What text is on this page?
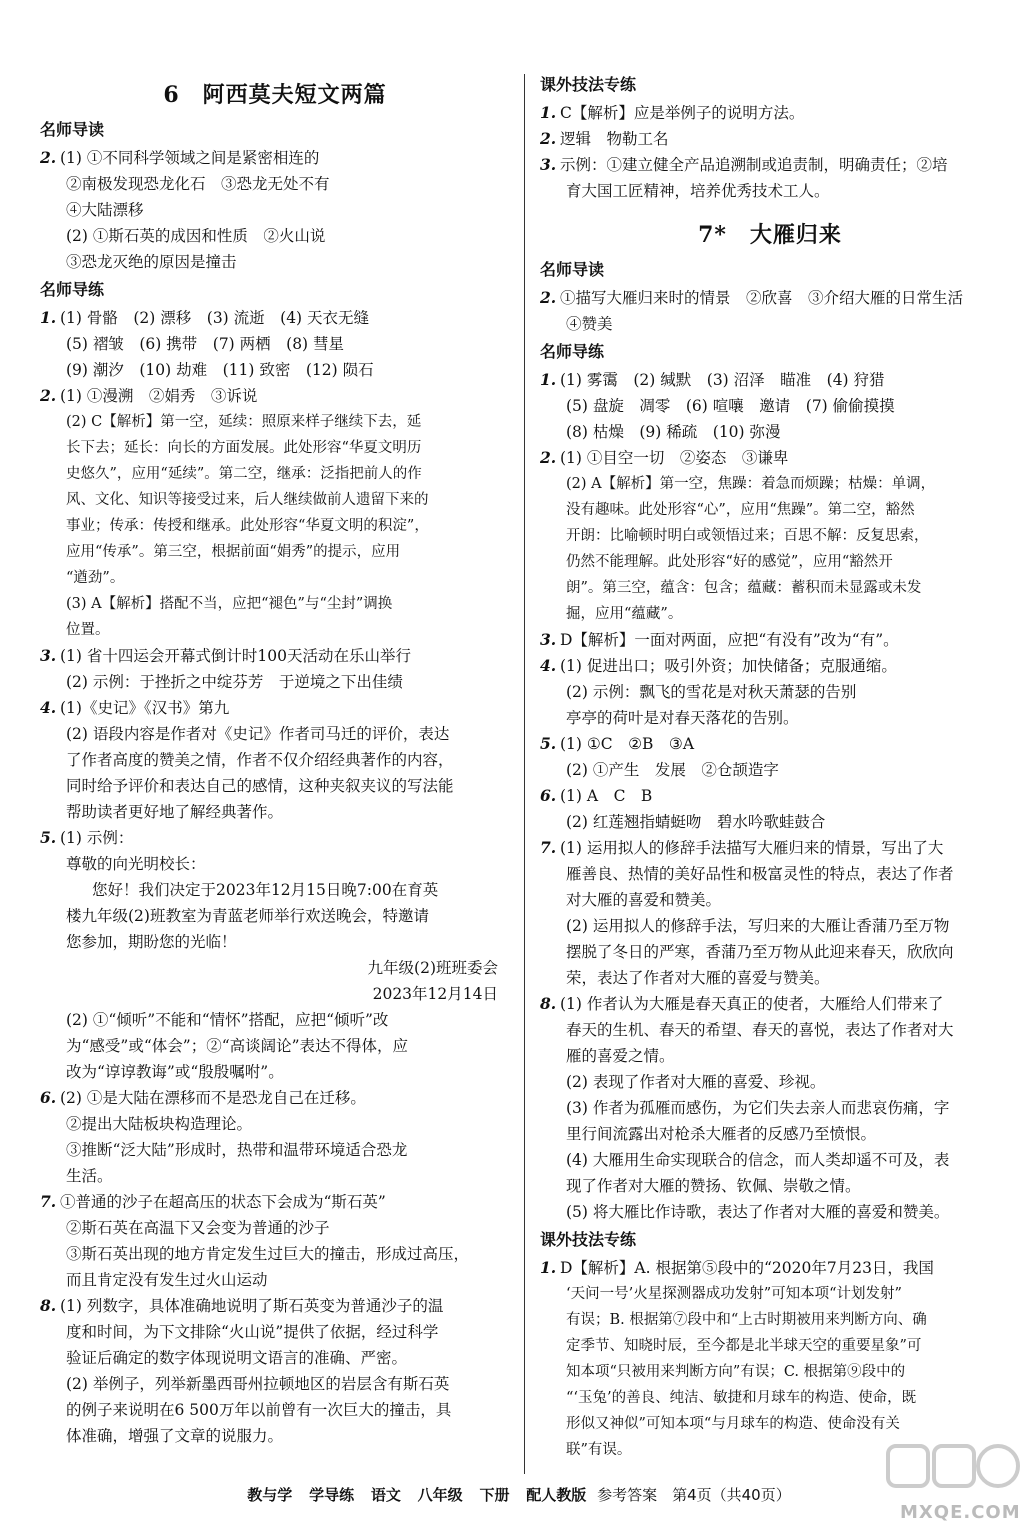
6　阿西莫夫短文两篇
名师导读
2. (1) ①不同科学领域之间是紧密相连的
②南极发现恐龙化石　③恐龙无处不有
④大陆漂移
(2) ①斯石英的成因和性质　②火山说
③恐龙灭绝的原因是撞击
名师导练
1. (1) 骨骼　(2) 漂移　(3) 流逝　(4) 天衣无缝
(5) 褶皱　(6) 携带　(7) 两栖　(8) 彗星
(9) 潮汐　(10) 劫难　(11) 致密　(12) 陨石
2. (1) ①漫溯　②娟秀　③诉说
(2) C【解析】第一空，延续：照原来样子继续下去，延
长下去；延长：向长的方面发展。此处形容“华夏文明历
史悠久”，应用“延续”。第二空，继承：泛指把前人的作
风、文化、知识等接受过来，后人继续做前人遗留下来的
事业；传承：传授和继承。此处形容“华夏文明的积淀”，
应用“传承”。第三空，根据前面“娟秀”的提示，应用
“遒劲”。
(3) A【解析】搭配不当，应把“褪色”与“尘封”调换
位置。
3. (1) 省十四运会开幕式倒计时100天活动在乐山举行
(2) 示例：于挫折之中绽芬芳　于逆境之下出佳绩
4. (1)《史记》《汉书》第九
(2) 语段内容是作者对《史记》作者司马迁的评价，表达
了作者高度的赞美之情，作者不仅介绍经典著作的内容，
同时给予评价和表达自己的感情，这种夹叙夹议的写法能
帮助读者更好地了解经典著作。
5. (1) 示例：
尊敬的向光明校长：
您好！我们决定于2023年12月15日晚7:00在育英
楼九年级(2)班教室为青蓝老师举行欢送晚会，特邀请
您参加，期盼您的光临！
九年级(2)班班委会
2023年12月14日
(2) ①“倾听”不能和“情怀”搭配，应把“倾听”改
为“感受”或“体会”；②“高谈阔论”表达不得体，应
改为“谆谆教诲”或“殷殷嘱咐”。
6. (2) ①是大陆在漂移而不是恐龙自己在迁移。
②提出大陆板块构造理论。
③推断“泛大陆”形成时，热带和温带环境适合恐龙
生活。
7. ①普通的沙子在超高压的状态下会成为“斯石英”
②斯石英在高温下又会变为普通的沙子
③斯石英出现的地方肯定发生过巨大的撞击，形成过高压，
而且肯定没有发生过火山运动
8. (1) 列数字，具体准确地说明了斯石英变为普通沙子的温
度和时间，为下文排除“火山说”提供了依据，经过科学
验证后确定的数字体现说明文语言的准确、严密。
(2) 举例子，列举新墨西哥州拉顿地区的岩层含有斯石英
的例子来说明在6 500万年以前曾有一次巨大的撞击，具
体准确，增强了文章的说服力。
课外技法专练
1. C【解析】应是举例子的说明方法。
2. 逻辑　物勒工名
3. 示例：①建立健全产品追溯制或追责制，明确责任；②培
育大国工匠精神，培养优秀技术工人。
7*　大雁归来
名师导读
2. ①描写大雁归来时的情景　②欣喜　③介绍大雁的日常生活
④赞美
名师导练
1. (1) 雾霭　(2) 缄默　(3) 沼泽　瞄准　(4) 狩猎
(5) 盘旋　凋零　(6) 喧嚷　邀请　(7) 偷偷摸摸
(8) 枯燥　(9) 稀疏　(10) 弥漫
2. (1) ①目空一切　②姿态　③谦卑
(2) A【解析】第一空，焦躁：着急而烦躁；枯燥：单调，
没有趣味。此处形容“心”，应用“焦躁”。第二空，豁然
开朗：比喻顿时明白或领悟过来；百思不解：反复思索，
仍然不能理解。此处形容“好的感觉”，应用“豁然开
朗”。第三空，蕴含：包含；蕴藏：蓄积而未显露或未发
掘，应用“蕴藏”。
3. D【解析】一面对两面，应把“有没有”改为“有”。
4. (1) 促进出口；吸引外资；加快储备；克服通缩。
(2) 示例：飘飞的雪花是对秋天萧瑟的告别
亭亭的荷叶是对春天落花的告别。
5. (1) ①C　②B　③A
(2) ①产生　发展　②仓颉造字
6. (1) A　C　B
(2) 红莲翘指蜻蜓吻　碧水吟歌蛙鼓合
7. (1) 运用拟人的修辞手法描写大雁归来的情景，写出了大
雁善良、热情的美好品性和极富灵性的特点，表达了作者
对大雁的喜爱和赞美。
(2) 运用拟人的修辞手法，写归来的大雁让香蒲乃至万物
摆脱了冬日的严寒，香蒲乃至万物从此迎来春天，欣欣向
荣，表达了作者对大雁的喜爱与赞美。
8. (1) 作者认为大雁是春天真正的使者，大雁给人们带来了
春天的生机、春天的希望、春天的喜悦，表达了作者对大
雁的喜爱之情。
(2) 表现了作者对大雁的喜爱、珍视。
(3) 作者为孤雁而感伤，为它们失去亲人而悲哀伤痛，字
里行间流露出对枪杀大雁者的反感乃至愤恨。
(4) 大雁用生命实现联合的信念，而人类却遥不可及，表
现了作者对大雁的赞扬、钦佩、崇敬之情。
(5) 将大雁比作诗歌，表达了作者对大雁的喜爱和赞美。
课外技法专练
1. D【解析】A. 根据第⑤段中的“2020年7月23日，我国
‘天问一号’火星探测器成功发射”可知本项“计划发射”
有误；B. 根据第⑦段中和“上古时期被用来判断方向、确
定季节、知晓时辰，至今都是北半球天空的重要星象”可
知本项“只被用来判断方向”有误；C. 根据第⑨段中的
“‘玉兔’的善良、纯洁、敏捷和月球车的构造、使命，既
形似又神似”可知本项“与月球车的构造、使命没有关
联”有误。
教与学 学导练 语文 八年级 下册 配人教版 参考答案　第4页（共40页）
MXQE.COM
